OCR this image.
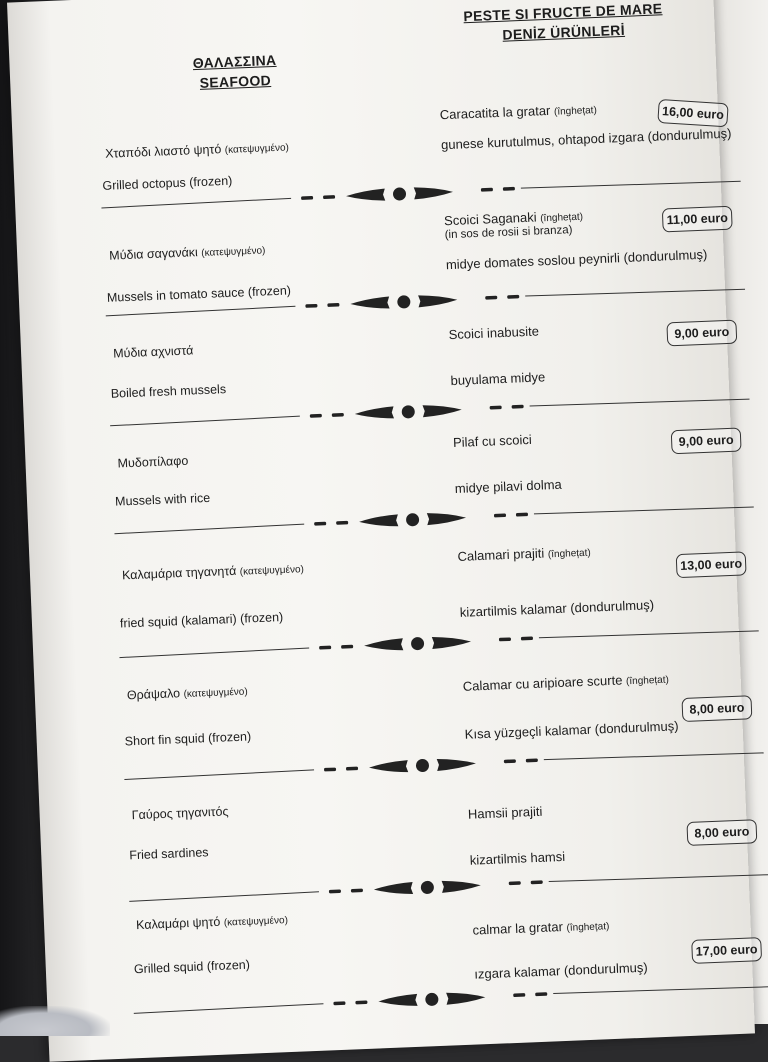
ΘΑΛΑΣΣΙΝΑ
SEAFOOD
PESTE SI FRUCTE DE MARE
DENİZ ÜRÜNLERİ
Χταπόδι λιαστό ψητό (κατεψυγμένο)
Grilled octopus (frozen)
Caracatita la gratar (înghețat)
gunese kurutulmus, ohtapod izgara (dondurulmuş)
16,00 euro
Μύδια σαγανάκι (κατεψυγμένο)
Mussels in tomato sauce (frozen)
Scoici Saganaki (înghețat)
(in sos de rosii si branza)
midye domates soslou peynirli (dondurulmuş)
11,00 euro
Μύδια αχνιστά
Boiled fresh mussels
Scoici inabusite
buyulama midye
9,00 euro
Μυδοπίλαφο
Mussels with rice
Pilaf cu scoici
midye pilavi dolma
9,00 euro
Καλαμάρια τηγανητά (κατεψυγμένο)
fried squid (kalamari) (frozen)
Calamari prajiti (înghețat)
kizartilmis kalamar (dondurulmuş)
13,00 euro
Θράψαλο (κατεψυγμένο)
Short fin squid (frozen)
Calamar cu aripioare scurte (înghețat)
Kısa yüzgeçli kalamar (dondurulmuş)
8,00 euro
Γαύρος τηγανιτός
Fried sardines
Hamsii prajiti
kizartilmis hamsi
8,00 euro
Καλαμάρι ψητό (κατεψυγμένο)
Grilled squid (frozen)
calmar la gratar (înghețat)
ızgara kalamar (dondurulmuş)
17,00 euro
